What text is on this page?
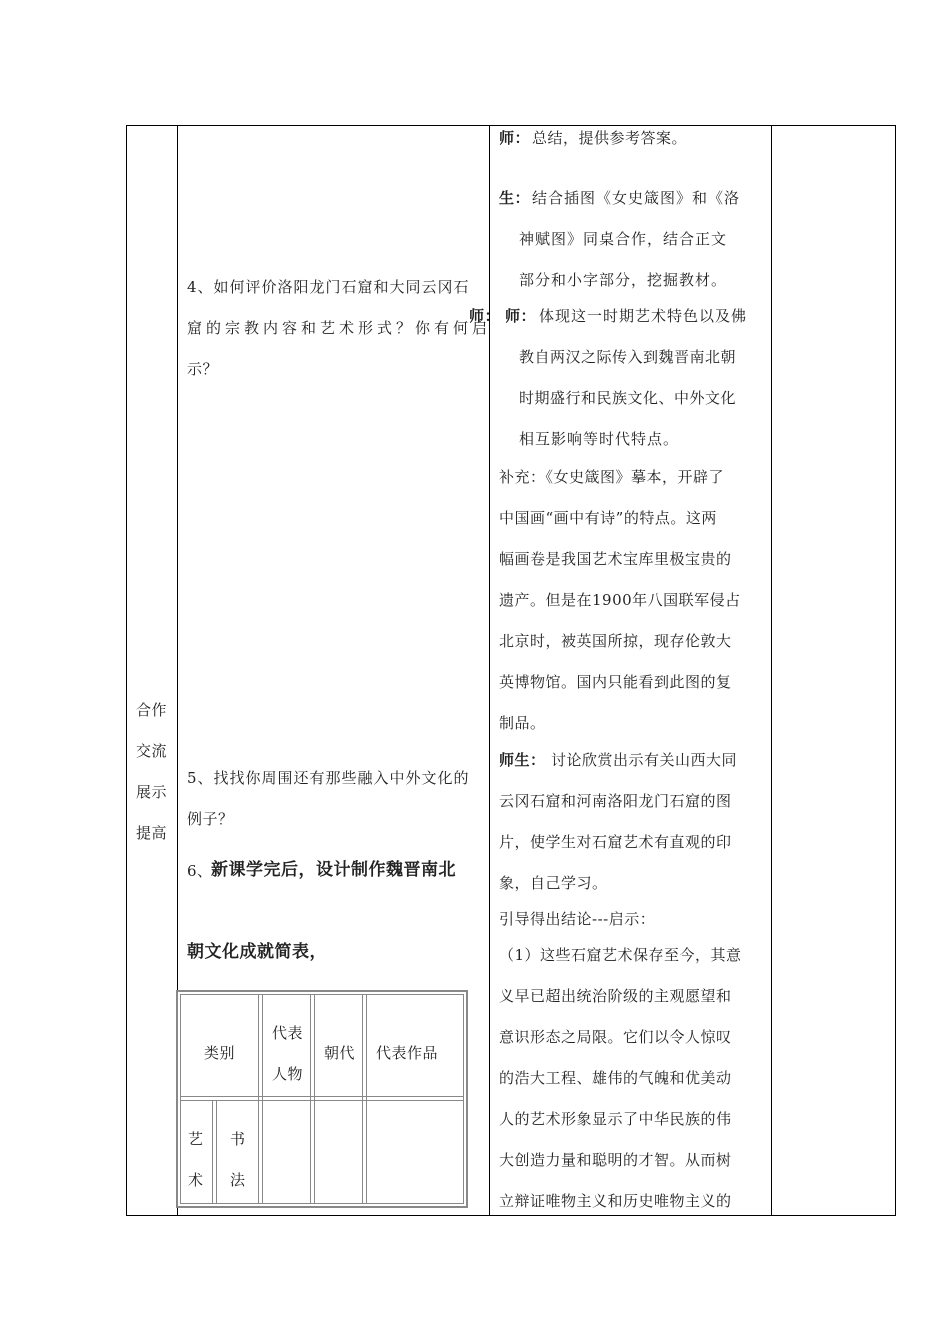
合作
交流
展示
提高
4、如何评价洛阳龙门石窟和大同云冈石
窟的宗教内容和艺术形式？你有何启
示？
5、找找你周围还有那些融入中外文化的
例子？
6、
新课学完后，设计制作魏晋南北
朝文化成就简表，
类别
代表
人物
朝代 代表作品
艺
术
书
法
师： 总结，提供参考答案。
生： 结合插图《女史箴图》和《洛
神赋图》同桌合作，结合正文
部分和小字部分，挖掘教材。
师： 师： 体现这一时期艺术特色以及佛
教自两汉之际传入到魏晋南北朝
时期盛行和民族文化、中外文化
相互影响等时代特点。
补充：《女史箴图》摹本，开辟了
中国画“画中有诗”的特点。这两
幅画卷是我国艺术宝库里极宝贵的
遗产。但是在1900年八国联军侵占
北京时，被英国所掠，现存伦敦大
英博物馆。国内只能看到此图的复
制品。
师生： 讨论欣赏出示有关山西大同
云冈石窟和河南洛阳龙门石窟的图
片，使学生对石窟艺术有直观的印
象，自己学习。
引导得出结论---启示：
（1）这些石窟艺术保存至今，其意
义早已超出统治阶级的主观愿望和
意识形态之局限。它们以令人惊叹
的浩大工程、雄伟的气魄和优美动
人的艺术形象显示了中华民族的伟
大创造力量和聪明的才智。从而树
立辩证唯物主义和历史唯物主义的
